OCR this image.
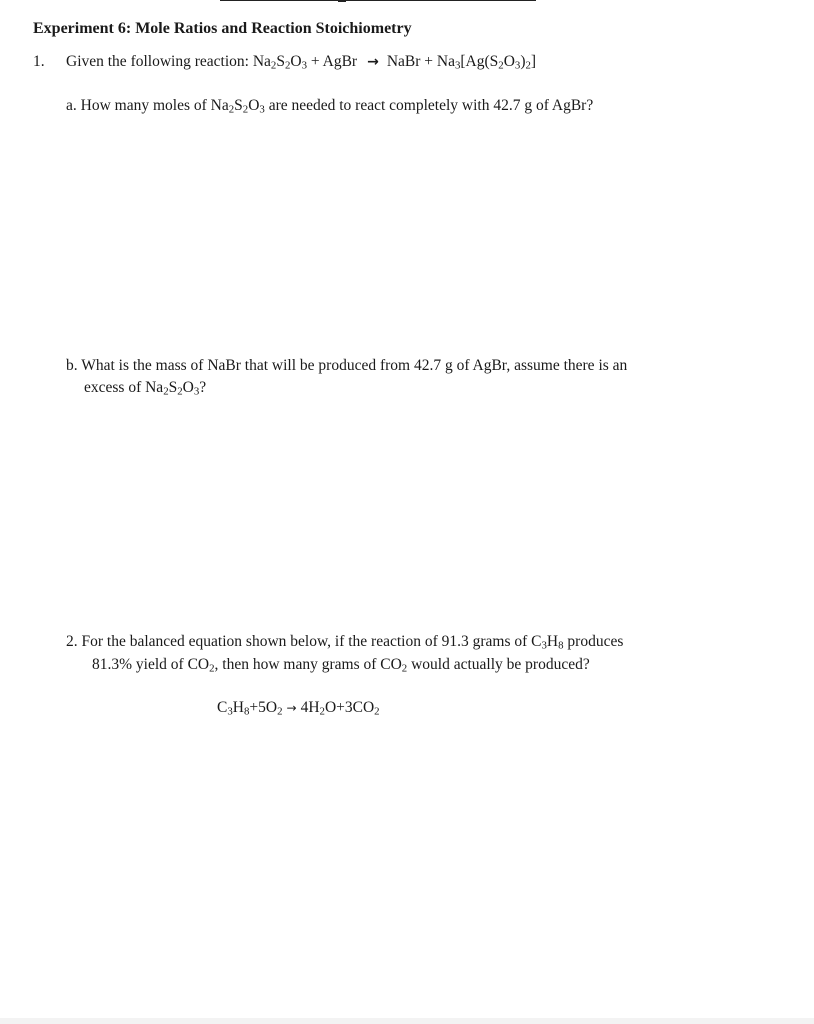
Experiment 6: Mole Ratios and Reaction Stoichiometry
1. Given the following reaction: $Na_2S_2O_3$ + AgBr → NaBr + $Na_3[Ag(S_2O_3)_2]$
a. How many moles of $Na_2S_2O_3$ are needed to react completely with 42.7 g of AgBr?
b. What is the mass of NaBr that will be produced from 42.7 g of AgBr, assume there is an
excess of $Na_2S_2O_3$?
2. For the balanced equation shown below, if the reaction of 91.3 grams of $C_3H_8$ produces
81.3% yield of $CO_2$, then how many grams of $CO_2$ would actually be produced?
$C_3H_8+5O_2 \to 4H_2O+3CO_2$
